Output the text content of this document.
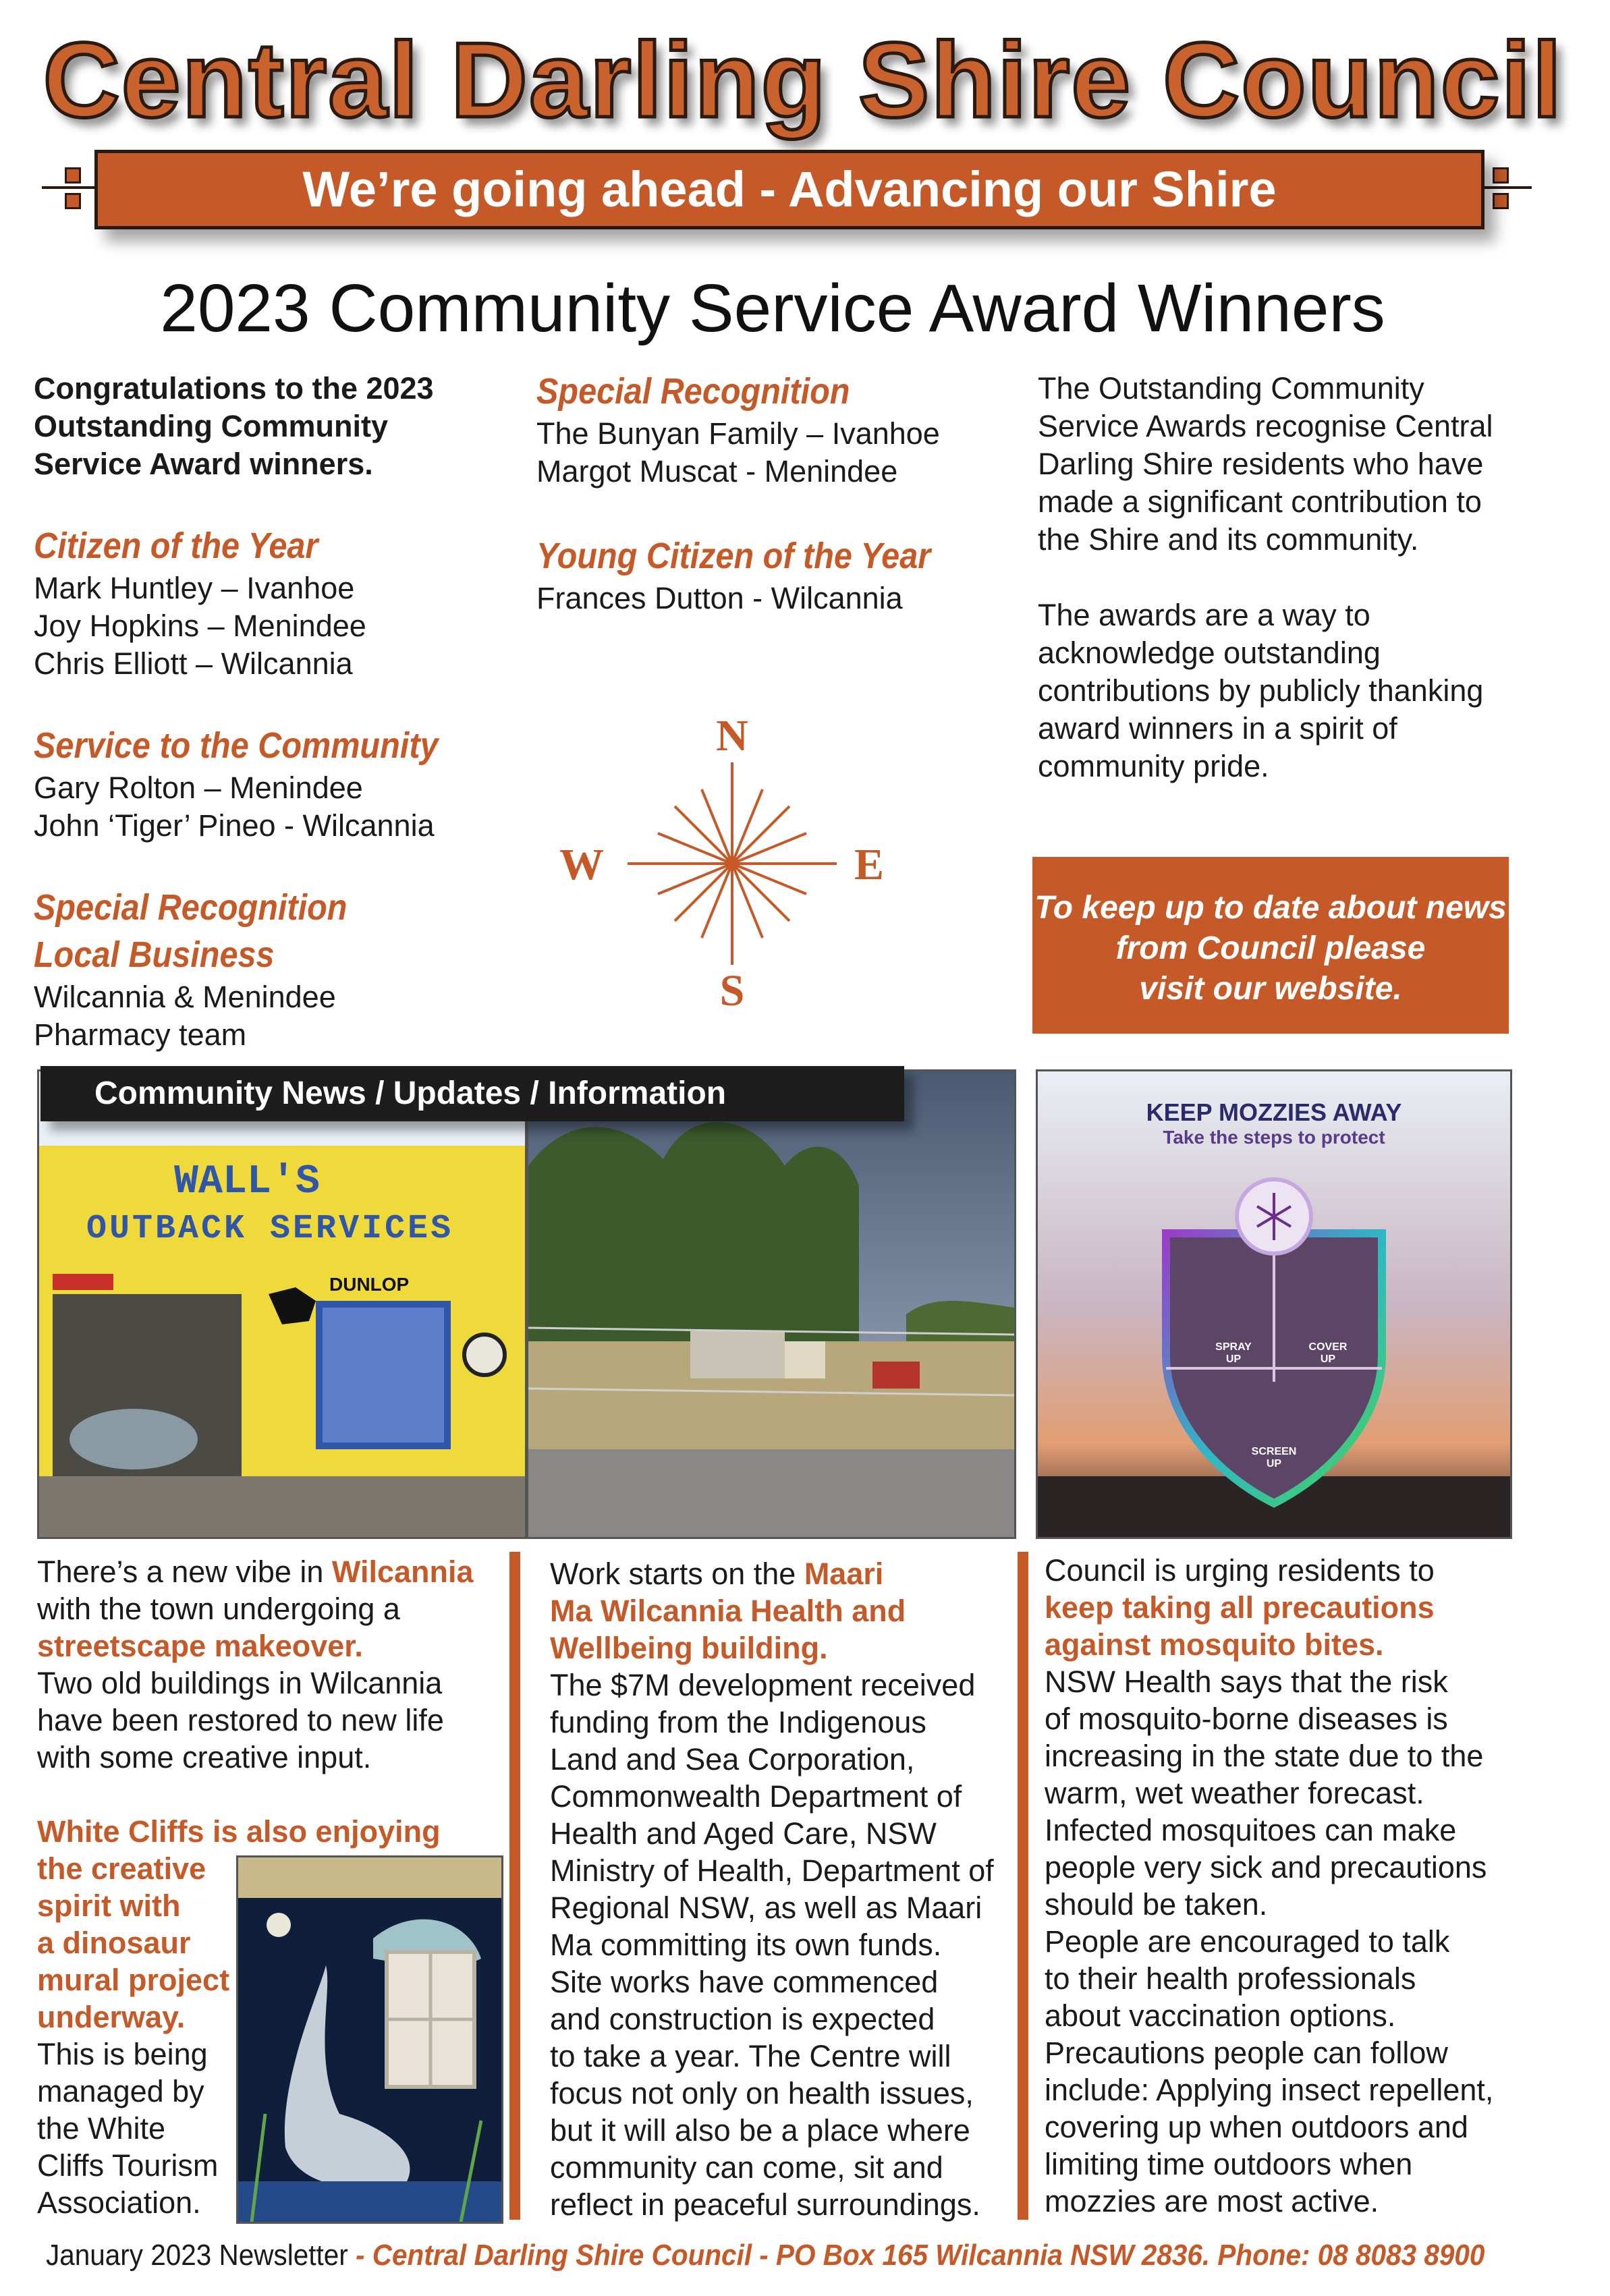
Central Darling Shire Council
We’re going ahead - Advancing our Shire
2023 Community Service Award Winners
Congratulations to the 2023
Outstanding Community
Service Award winners.
Citizen of the Year
Mark Huntley – Ivanhoe
Joy Hopkins – Menindee
Chris Elliott – Wilcannia
Service to the Community
Gary Rolton – Menindee
John ‘Tiger’ Pineo - Wilcannia
Special Recognition
Local Business
Wilcannia & Menindee
Pharmacy team
Special Recognition
The Bunyan Family – Ivanhoe
Margot Muscat - Menindee
Young Citizen of the Year
Frances Dutton - Wilcannia
N
S
W	E
The Outstanding Community
Service Awards recognise Central
Darling Shire residents who have
made a significant contribution to
the Shire and its community.
The awards are a way to
acknowledge outstanding
contributions by publicly thanking
award winners in a spirit of
community pride.
To keep up to date about news
from Council please
visit our website.
WALL'S
OUTBACK SERVICES
DUNLOP
KEEP MOZZIES AWAY
Take the steps to protect
SPRAY UP
COVER UP
SCREEN UP
Community News / Updates / Information
There’s a new vibe in Wilcannia
with the town undergoing a
streetscape makeover.
Two old buildings in Wilcannia
have been restored to new life
with some creative input.
White Cliffs is also enjoying
the creative
spirit with
a dinosaur
mural project
underway.
This is being
managed by
the White
Cliffs Tourism
Association.
Work starts on the Maari
Ma Wilcannia Health and
Wellbeing building.
The $7M development received
funding from the Indigenous
Land and Sea Corporation,
Commonwealth Department of
Health and Aged Care, NSW
Ministry of Health, Department of
Regional NSW, as well as Maari
Ma committing its own funds.
Site works have commenced
and construction is expected
to take a year. The Centre will
focus not only on health issues,
but it will also be a place where
community can come, sit and
reflect in peaceful surroundings.
Council is urging residents to
keep taking all precautions
against mosquito bites.
NSW Health says that the risk
of mosquito-borne diseases is
increasing in the state due to the
warm, wet weather forecast.
Infected mosquitoes can make
people very sick and precautions
should be taken.
People are encouraged to talk
to their health professionals
about vaccination options.
Precautions people can follow
include: Applying insect repellent,
covering up when outdoors and
limiting time outdoors when
mozzies are most active.
January 2023 Newsletter - Central Darling Shire Council - PO Box 165 Wilcannia NSW 2836. Phone: 08 8083 8900
